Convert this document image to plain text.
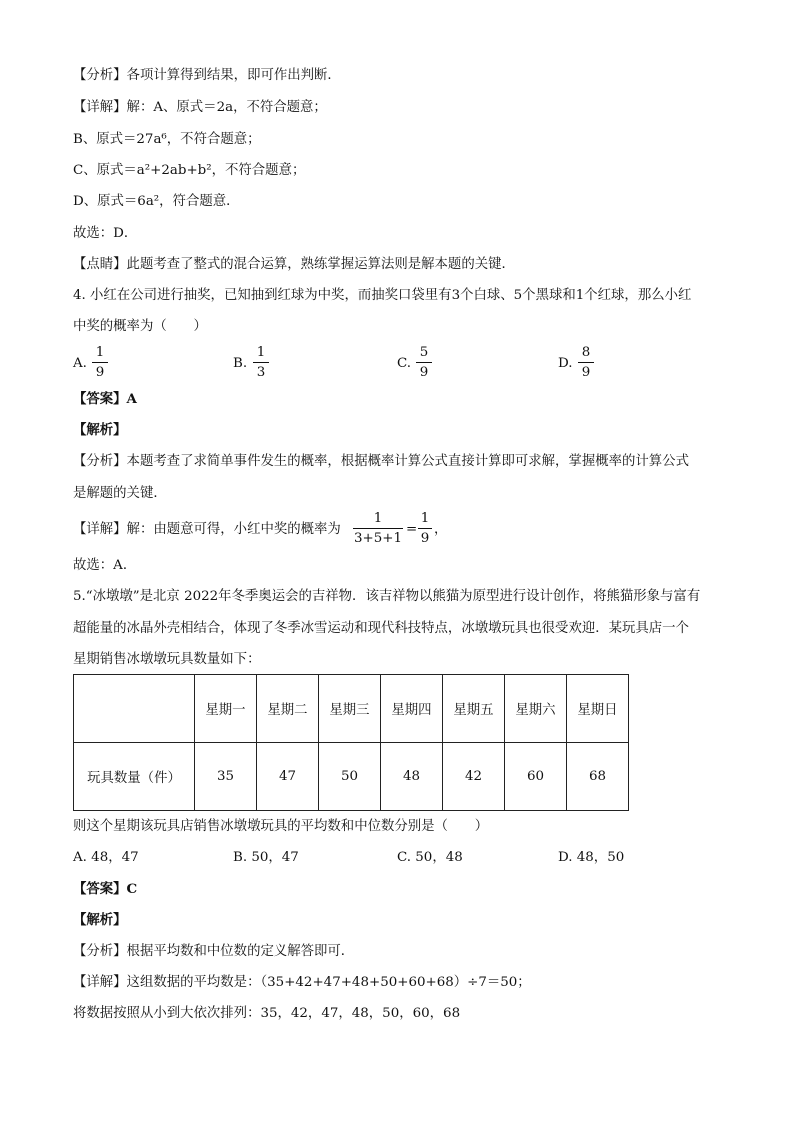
【分析】各项计算得到结果，即可作出判断．
【详解】解：A、原式＝2a，不符合题意；
B、原式＝27a⁶，不符合题意；
C、原式＝a²+2ab+b²，不符合题意；
D、原式＝6a²，符合题意．
故选：D．
【点睛】此题考查了整式的混合运算，熟练掌握运算法则是解本题的关键．
4. 小红在公司进行抽奖，已知抽到红球为中奖，而抽奖口袋里有3个白球、5个黑球和1个红球，那么小红
中奖的概率为（　　）
A.
1
9
B.
1
3
C.
5
9
D.
8
9
【答案】A
【解析】
【分析】本题考查了求简单事件发生的概率，根据概率计算公式直接计算即可求解，掌握概率的计算公式
是解题的关键．
【详解】解：由题意可得，小红中奖的概率为
1
3+5+1
=
1
9
，
故选：A．
5.“冰墩墩”是北京 2022年冬季奥运会的吉祥物．该吉祥物以熊猫为原型进行设计创作，将熊猫形象与富有
超能量的冰晶外壳相结合，体现了冬季冰雪运动和现代科技特点，冰墩墩玩具也很受欢迎．某玩具店一个
星期销售冰墩墩玩具数量如下：
	星期一	星期二	星期三	星期四	星期五	星期六	星期日
玩具数量（件）	35	47	50	48	42	60	68
则这个星期该玩具店销售冰墩墩玩具的平均数和中位数分别是（　　）
A. 48，47	B. 50，47	C. 50，48	D. 48，50
【答案】C
【解析】
【分析】根据平均数和中位数的定义解答即可．
【详解】这组数据的平均数是：（35+42+47+48+50+60+68）÷7＝50；
将数据按照从小到大依次排列：35，42，47，48，50，60，68
